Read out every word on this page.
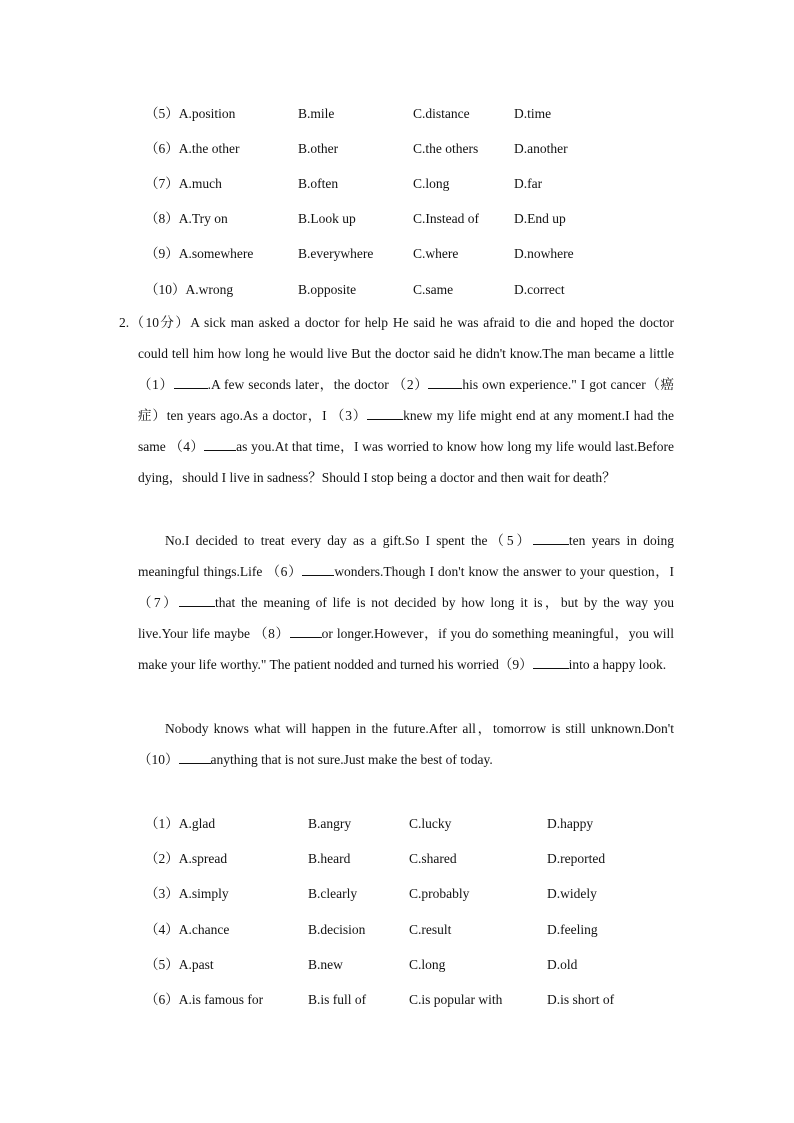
（5）A.position	B.mile	C.distance	D.time
（6）A.the other	B.other	C.the others	D.another
（7）A.much	B.often	C.long	D.far
（8）A.Try on	B.Look up	C.Instead of	D.End up
（9）A.somewhere	B.everywhere	C.where	D.nowhere
（10）A.wrong	B.opposite	C.same	D.correct
2.（10分）A sick man asked a doctor for help He said he was afraid to die and hoped the doctor could tell him how long he would live But the doctor said he didn't know.The man became a little （1）	.A few seconds later，the doctor （2）	his own experience." I got cancer（癌症）ten years ago.As a doctor，I （3）	knew my life might end at any moment.I had the same （4） as you.At that time，I was worried to know how long my life would last.Before dying，should I live in sadness？Should I stop being a doctor and then wait for death？
No.I decided to treat every day as a gift.So I spent the（5）	ten years in doing meaningful things.Life （6） wonders.Though I don't know the answer to your question，I（7）	that the meaning of life is not decided by how long it is，but by the way you live.Your life maybe （8） or longer.However，if you do something meaningful，you will make your life worthy." The patient nodded and turned his worried（9）	into a happy look.
Nobody knows what will happen in the future.After all，tomorrow is still unknown.Don't （10） anything that is not sure.Just make the best of today.
（1）A.glad	B.angry	C.lucky	D.happy
（2）A.spread	B.heard	C.shared	D.reported
（3）A.simply	B.clearly	C.probably	D.widely
（4）A.chance	B.decision	C.result	D.feeling
（5）A.past	B.new	C.long	D.old
（6）A.is famous for	B.is full of	C.is popular with	D.is short of
